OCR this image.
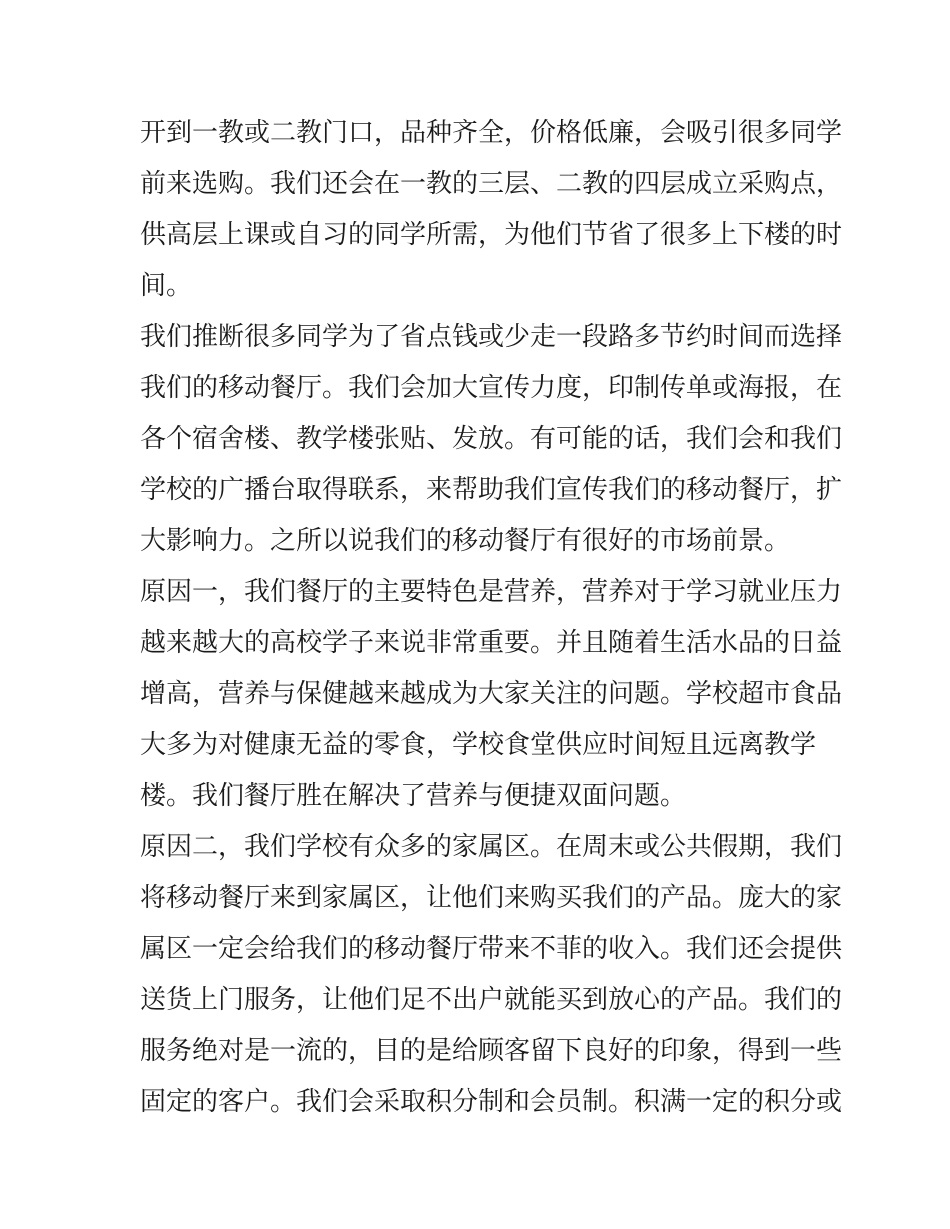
开到一教或二教门口，品种齐全，价格低廉，会吸引很多同学
前来选购。我们还会在一教的三层、二教的四层成立采购点，
供高层上课或自习的同学所需，为他们节省了很多上下楼的时
间。
我们推断很多同学为了省点钱或少走一段路多节约时间而选择
我们的移动餐厅。我们会加大宣传力度，印制传单或海报，在
各个宿舍楼、教学楼张贴、发放。有可能的话，我们会和我们
学校的广播台取得联系，来帮助我们宣传我们的移动餐厅，扩
大影响力。之所以说我们的移动餐厅有很好的市场前景。
原因一，我们餐厅的主要特色是营养，营养对于学习就业压力
越来越大的高校学子来说非常重要。并且随着生活水品的日益
增高，营养与保健越来越成为大家关注的问题。学校超市食品
大多为对健康无益的零食，学校食堂供应时间短且远离教学
楼。我们餐厅胜在解决了营养与便捷双面问题。
原因二，我们学校有众多的家属区。在周末或公共假期，我们
将移动餐厅来到家属区，让他们来购买我们的产品。庞大的家
属区一定会给我们的移动餐厅带来不菲的收入。我们还会提供
送货上门服务，让他们足不出户就能买到放心的产品。我们的
服务绝对是一流的，目的是给顾客留下良好的印象，得到一些
固定的客户。我们会采取积分制和会员制。积满一定的积分或
